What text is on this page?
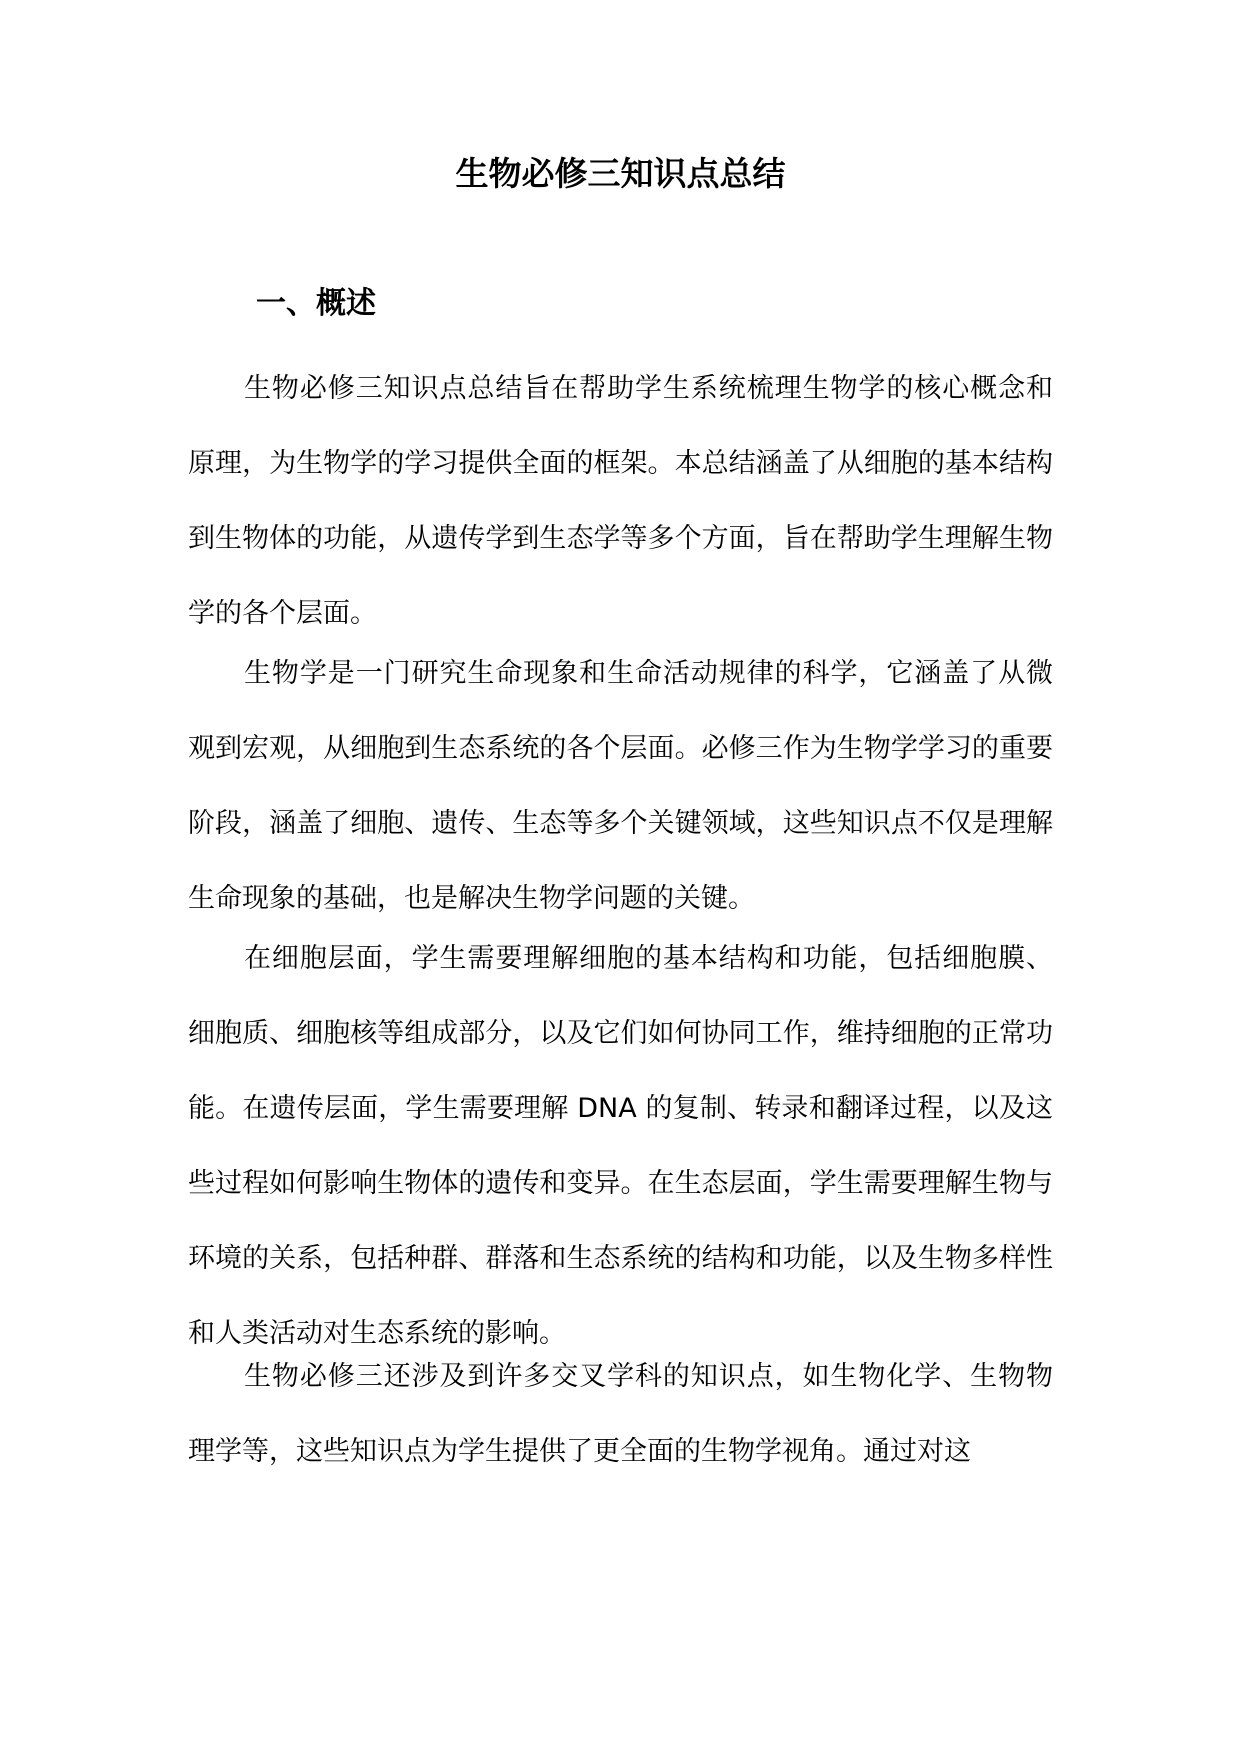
生物必修三知识点总结
一、概述

生物必修三知识点总结旨在帮助学生系统梳理生物学的核心概念和原理，为生物学的学习提供全面的框架。本总结涵盖了从细胞的基本结构到生物体的功能，从遗传学到生态学等多个方面，旨在帮助学生理解生物学的各个层面。

生物学是一门研究生命现象和生命活动规律的科学，它涵盖了从微观到宏观，从细胞到生态系统的各个层面。必修三作为生物学学习的重要阶段，涵盖了细胞、遗传、生态等多个关键领域，这些知识点不仅是理解生命现象的基础，也是解决生物学问题的关键。

在细胞层面，学生需要理解细胞的基本结构和功能，包括细胞膜、细胞质、细胞核等组成部分，以及它们如何协同工作，维持细胞的正常功能。在遗传层面，学生需要理解 DNA 的复制、转录和翻译过程，以及这些过程如何影响生物体的遗传和变异。在生态层面，学生需要理解生物与环境的关系，包括种群、群落和生态系统的结构和功能，以及生物多样性和人类活动对生态系统的影响。

生物必修三还涉及到许多交叉学科的知识点，如生物化学、生物物理学等，这些知识点为学生提供了更全面的生物学视角。通过对这
